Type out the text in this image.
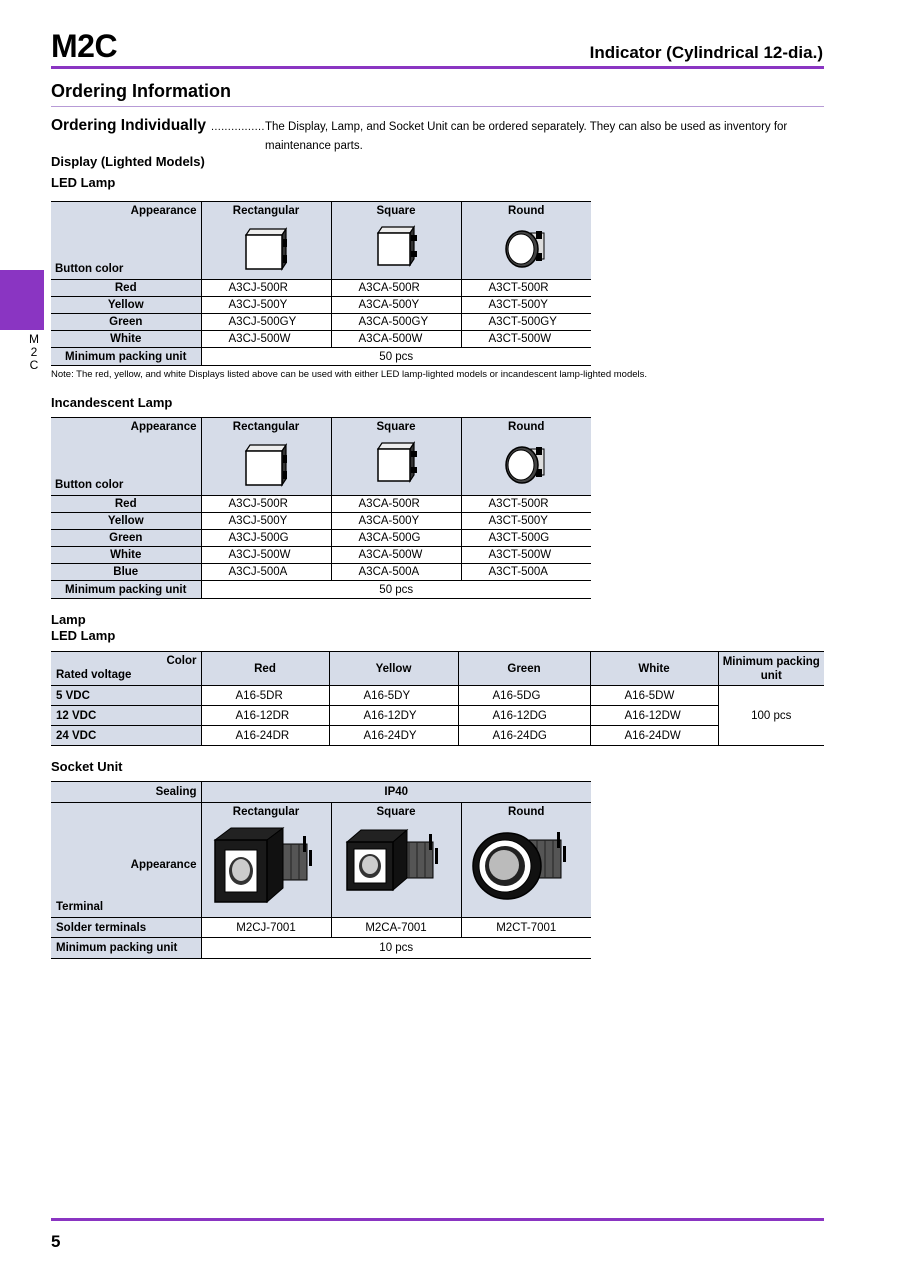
M2C	Indicator (Cylindrical 12-dia.)
Ordering Information
Ordering Individually ................ The Display, Lamp, and Socket Unit can be ordered separately. They can also be used as inventory for maintenance parts.
M
2
C
Display (Lighted Models)
LED Lamp
Appearance
Button color	Rectangular	Square	Round

Red	A3CJ-500R	A3CA-500R	A3CT-500R
Yellow	A3CJ-500Y	A3CA-500Y	A3CT-500Y
Green	A3CJ-500GY	A3CA-500GY	A3CT-500GY
White	A3CJ-500W	A3CA-500W	A3CT-500W
Minimum packing unit	50 pcs		
Note: The red, yellow, and white Displays listed above can be used with either LED lamp-lighted models or incandescent lamp-lighted models.
Incandescent Lamp
Appearance
Button color	Rectangular	Square	Round

Red	A3CJ-500R	A3CA-500R	A3CT-500R
Yellow	A3CJ-500Y	A3CA-500Y	A3CT-500Y
Green	A3CJ-500G	A3CA-500G	A3CT-500G
White	A3CJ-500W	A3CA-500W	A3CT-500W
Blue	A3CJ-500A	A3CA-500A	A3CT-500A
Minimum packing unit	50 pcs		
Lamp
LED Lamp
Color
Rated voltage	Red	Yellow	Green	White	Minimum packing unit
5 VDC	A16-5DR	A16-5DY	A16-5DG	A16-5DW	100 pcs
12 VDC	A16-12DR	A16-12DY	A16-12DG	A16-12DW	
24 VDC	A16-24DR	A16-24DY	A16-24DG	A16-24DW	
Socket Unit
Sealing	IP40		

Appearance
Terminal	Rectangular	Square	Round

Solder terminals	M2CJ-7001	M2CA-7001	M2CT-7001
Minimum packing unit	10 pcs		
5
